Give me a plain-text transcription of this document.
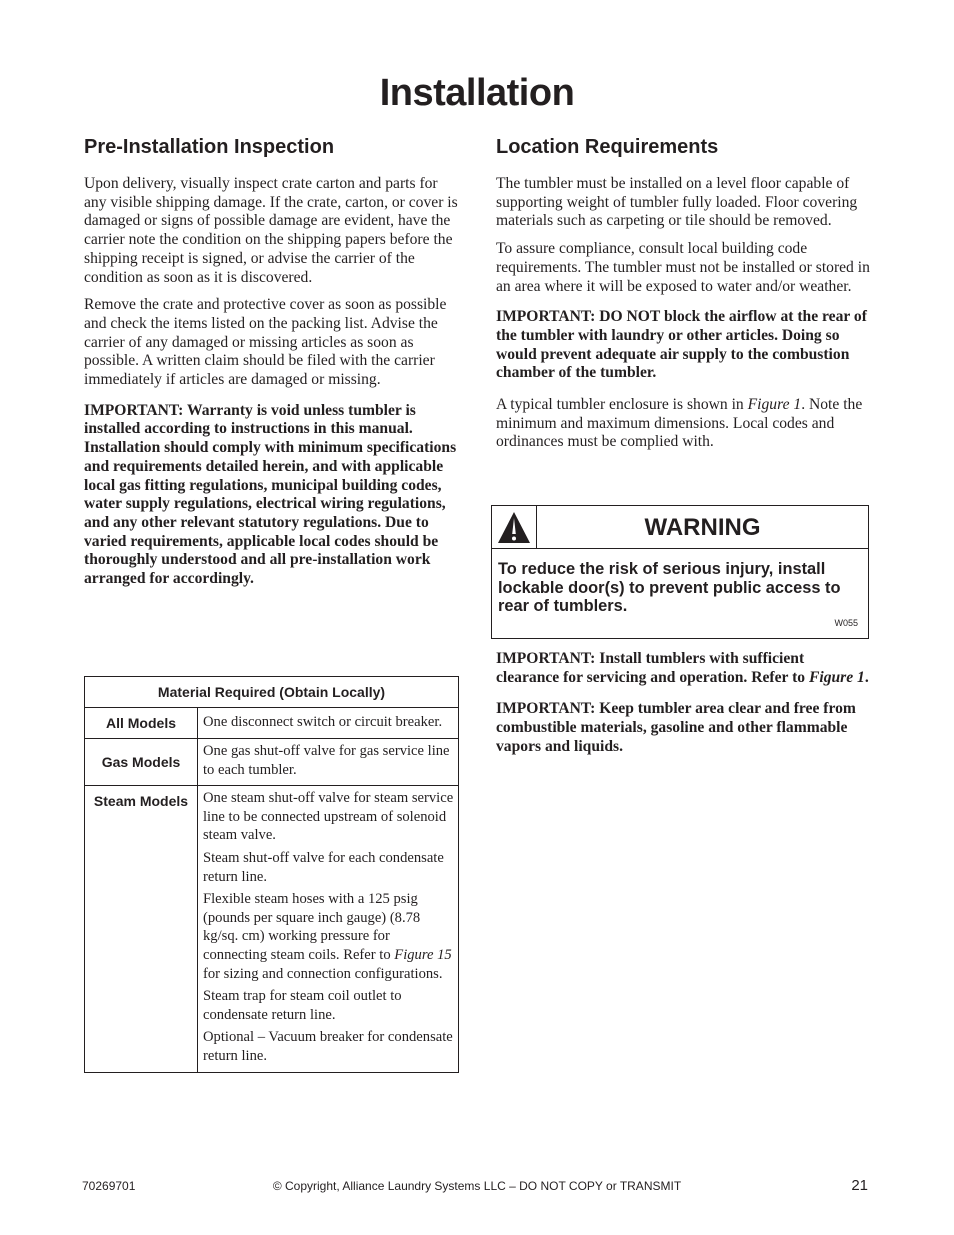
Installation
Pre-Installation Inspection

Upon delivery, visually inspect crate carton and parts for any visible shipping damage. If the crate, carton, or cover is damaged or signs of possible damage are evident, have the carrier note the condition on the shipping papers before the shipping receipt is signed, or advise the carrier of the condition as soon as it is discovered.

Remove the crate and protective cover as soon as possible and check the items listed on the packing list. Advise the carrier of any damaged or missing articles as soon as possible. A written claim should be filed with the carrier immediately if articles are damaged or missing.

IMPORTANT: Warranty is void unless tumbler is installed according to instructions in this manual. Installation should comply with minimum specifications and requirements detailed herein, and with applicable local gas fitting regulations, municipal building codes, water supply regulations, electrical wiring regulations, and any other relevant statutory regulations. Due to varied requirements, applicable local codes should be thoroughly understood and all pre-installation work arranged for accordingly.

Material Required (Obtain Locally)	
All Models	One disconnect switch or circuit breaker.
Gas Models	One gas shut-off valve for gas service line to each tumbler.
Steam Models	One steam shut-off valve for steam service line to be connected upstream of solenoid steam valve.
Steam shut-off valve for each condensate return line.
Flexible steam hoses with a 125 psig (pounds per square inch gauge) (8.78 kg/sq. cm) working pressure for connecting steam coils. Refer to Figure 15 for sizing and connection configurations.
Steam trap for steam coil outlet to condensate return line.
Optional – Vacuum breaker for condensate return line.
Location Requirements

The tumbler must be installed on a level floor capable of supporting weight of tumbler fully loaded. Floor covering materials such as carpeting or tile should be removed.

To assure compliance, consult local building code requirements. The tumbler must not be installed or stored in an area where it will be exposed to water and/or weather.

IMPORTANT: DO NOT block the airflow at the rear of the tumbler with laundry or other articles. Doing so would prevent adequate air supply to the combustion chamber of the tumbler.

A typical tumbler enclosure is shown in Figure 1. Note the minimum and maximum dimensions. Local codes and ordinances must be complied with.

WARNING
To reduce the risk of serious injury, install lockable door(s) to prevent public access to rear of tumblers.
W055

IMPORTANT: Install tumblers with sufficient clearance for servicing and operation. Refer to Figure 1.

IMPORTANT: Keep tumbler area clear and free from combustible materials, gasoline and other flammable vapors and liquids.

70269701	© Copyright, Alliance Laundry Systems LLC – DO NOT COPY or TRANSMIT	21
